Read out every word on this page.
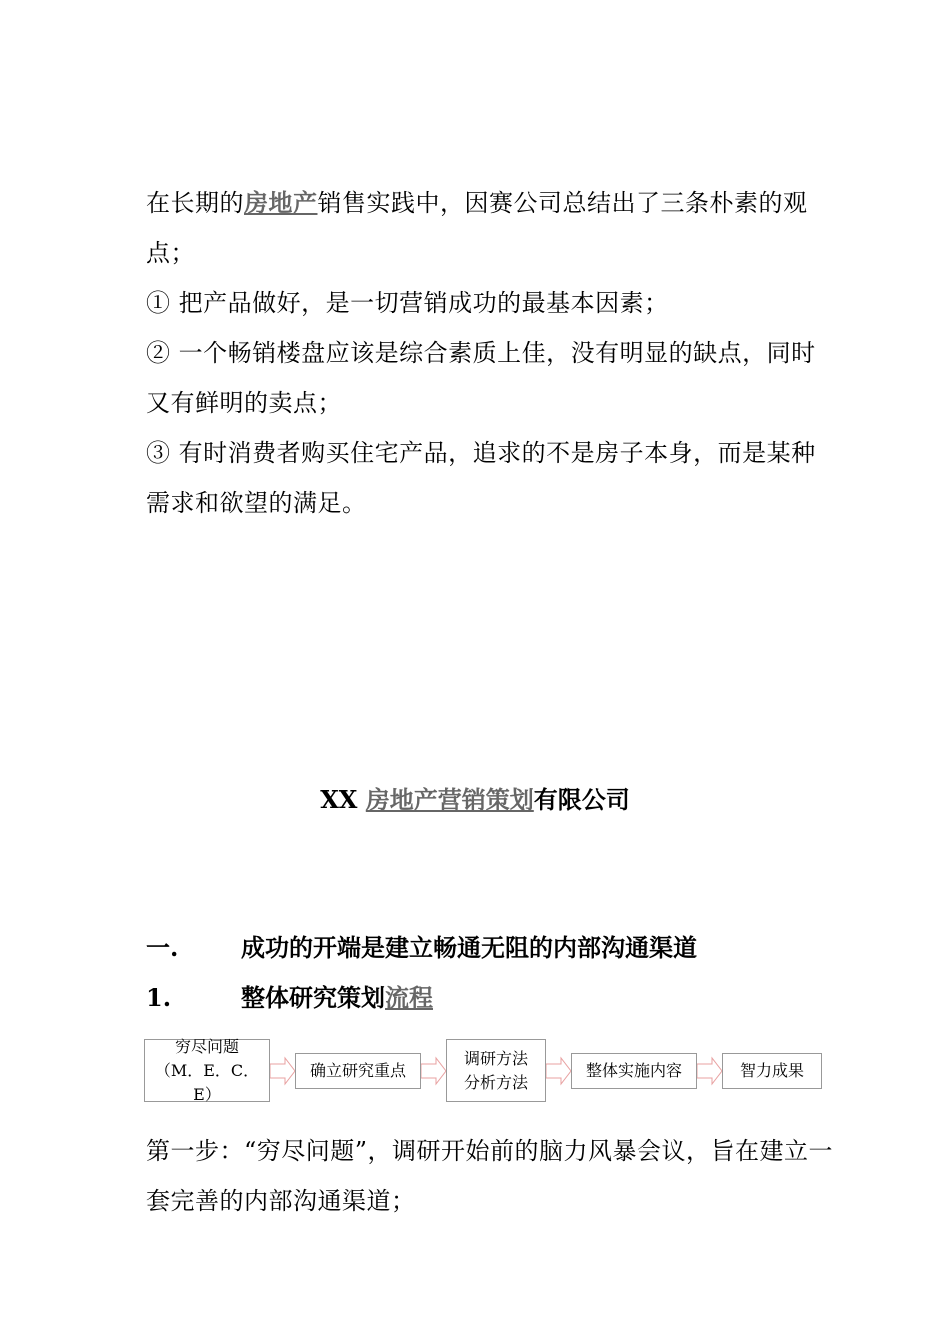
在长期的房地产销售实践中，因赛公司总结出了三条朴素的观点；

① 把产品做好，是一切营销成功的最基本因素；

② 一个畅销楼盘应该是综合素质上佳，没有明显的缺点，同时又有鲜明的卖点；

③ 有时消费者购买住宅产品，追求的不是房子本身，而是某种需求和欲望的满足。

XX 房地产营销策划有限公司
一.	成功的开端是建立畅通无阻的内部沟通渠道
1.	整体研究策划流程
穷尽问题
（M．E．C．
E）
确立研究重点
调研方法
分析方法
整体实施内容	智力成果

第一步：“穷尽问题”，调研开始前的脑力风暴会议，旨在建立一套完善的内部沟通渠道；
